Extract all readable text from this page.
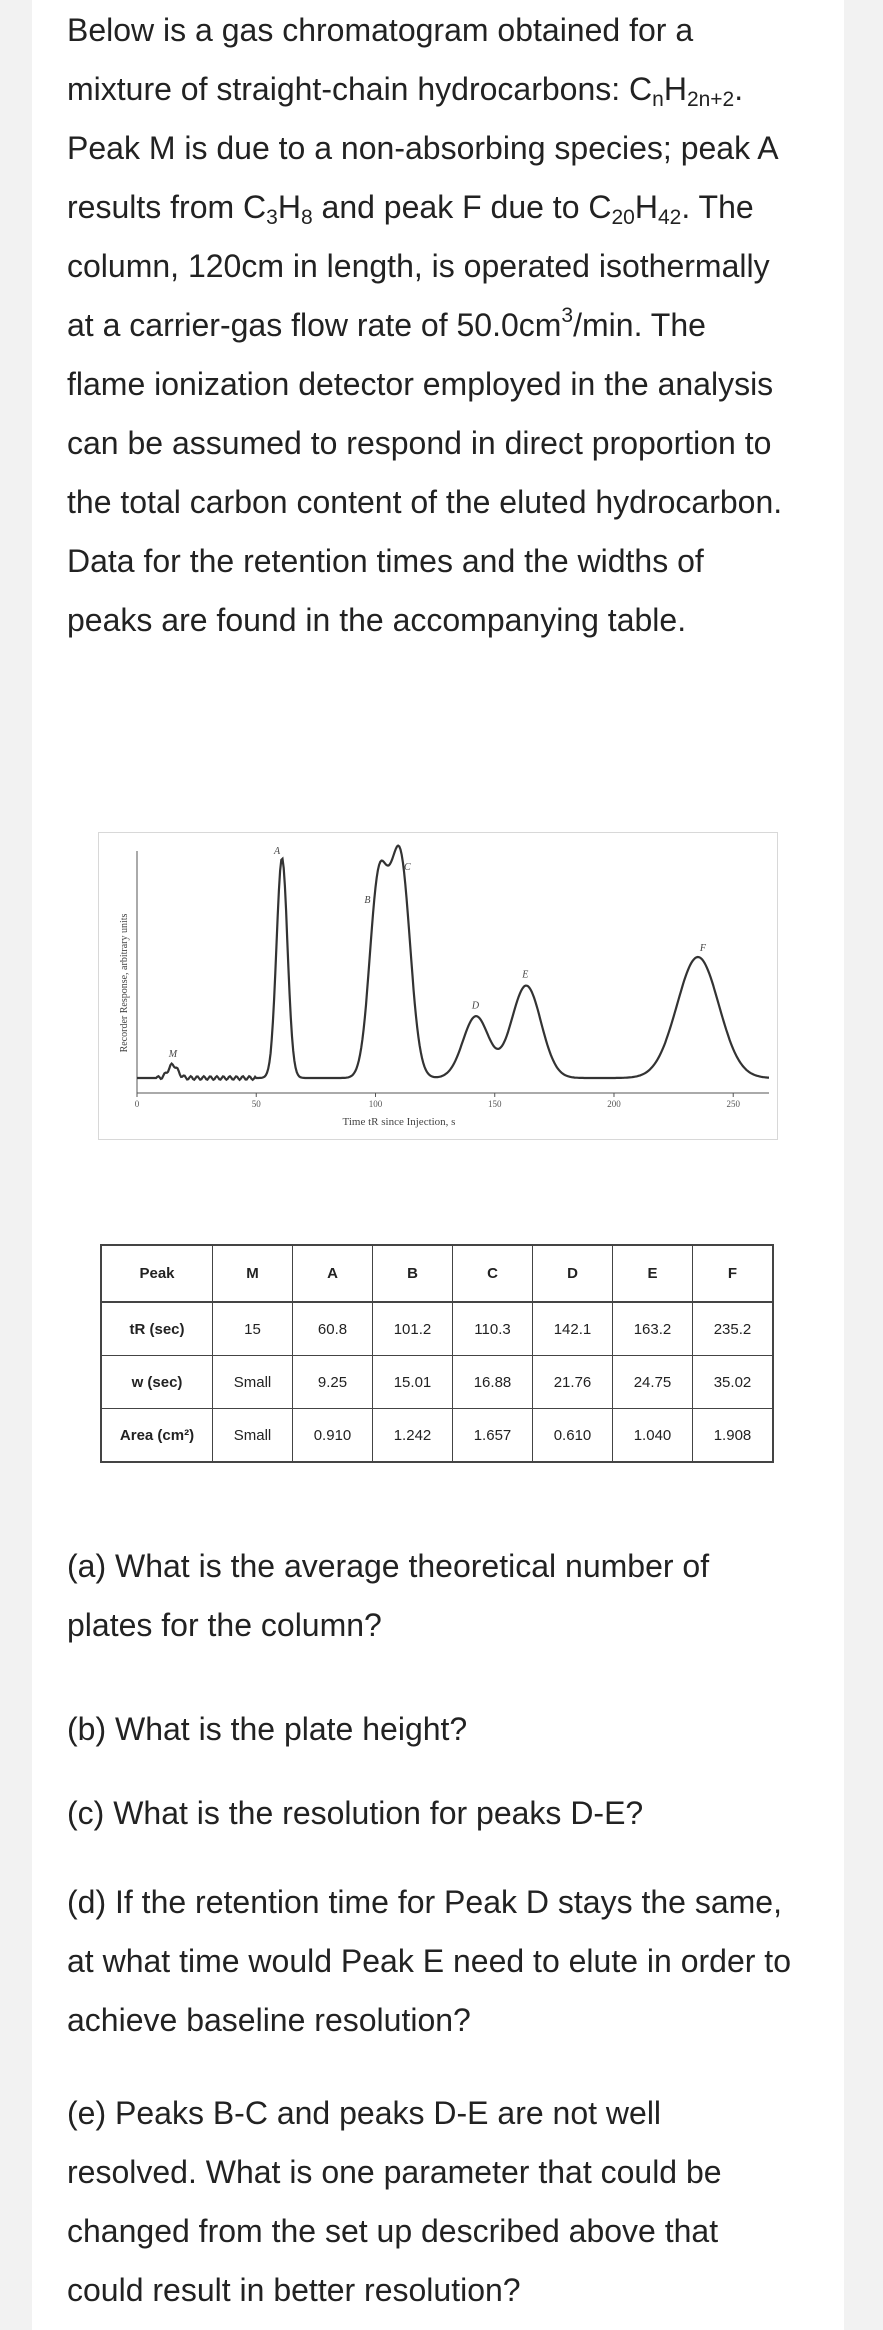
Below is a gas chromatogram obtained for a mixture of straight-chain hydrocarbons: $C_nH_{2n+2}$. Peak M is due to a non-absorbing species; peak A results from $C_3H_8$ and peak F due to $C_{20}H_{42}$. The column, 120cm in length, is operated isothermally at a carrier-gas flow rate of $50.0cm^3/\min$. The flame ionization detector employed in the analysis can be assumed to respond in direct proportion to the total carbon content of the eluted hydrocarbon. Data for the retention times and the widths of peaks are found in the accompanying table.
Recorder Response, arbitrary units
Time tR since Injection, s
0	50	100	150	200	250
M
A
B
C
D
E
F
Peak	M	A	B	C	D	E	F
tR (sec)	15	60.8	101.2	110.3	142.1	163.2	235.2
w (sec)	Small	9.25	15.01	16.88	21.76	24.75	35.02
Area (cm²)	Small	0.910	1.242	1.657	0.610	1.040	1.908
(a) What is the average theoretical number of plates for the column?
(b) What is the plate height?
(c) What is the resolution for peaks D-E?
(d) If the retention time for Peak D stays the same, at what time would Peak E need to elute in order to achieve baseline resolution?
(e) Peaks B-C and peaks D-E are not well resolved. What is one parameter that could be changed from the set up described above that could result in better resolution?
